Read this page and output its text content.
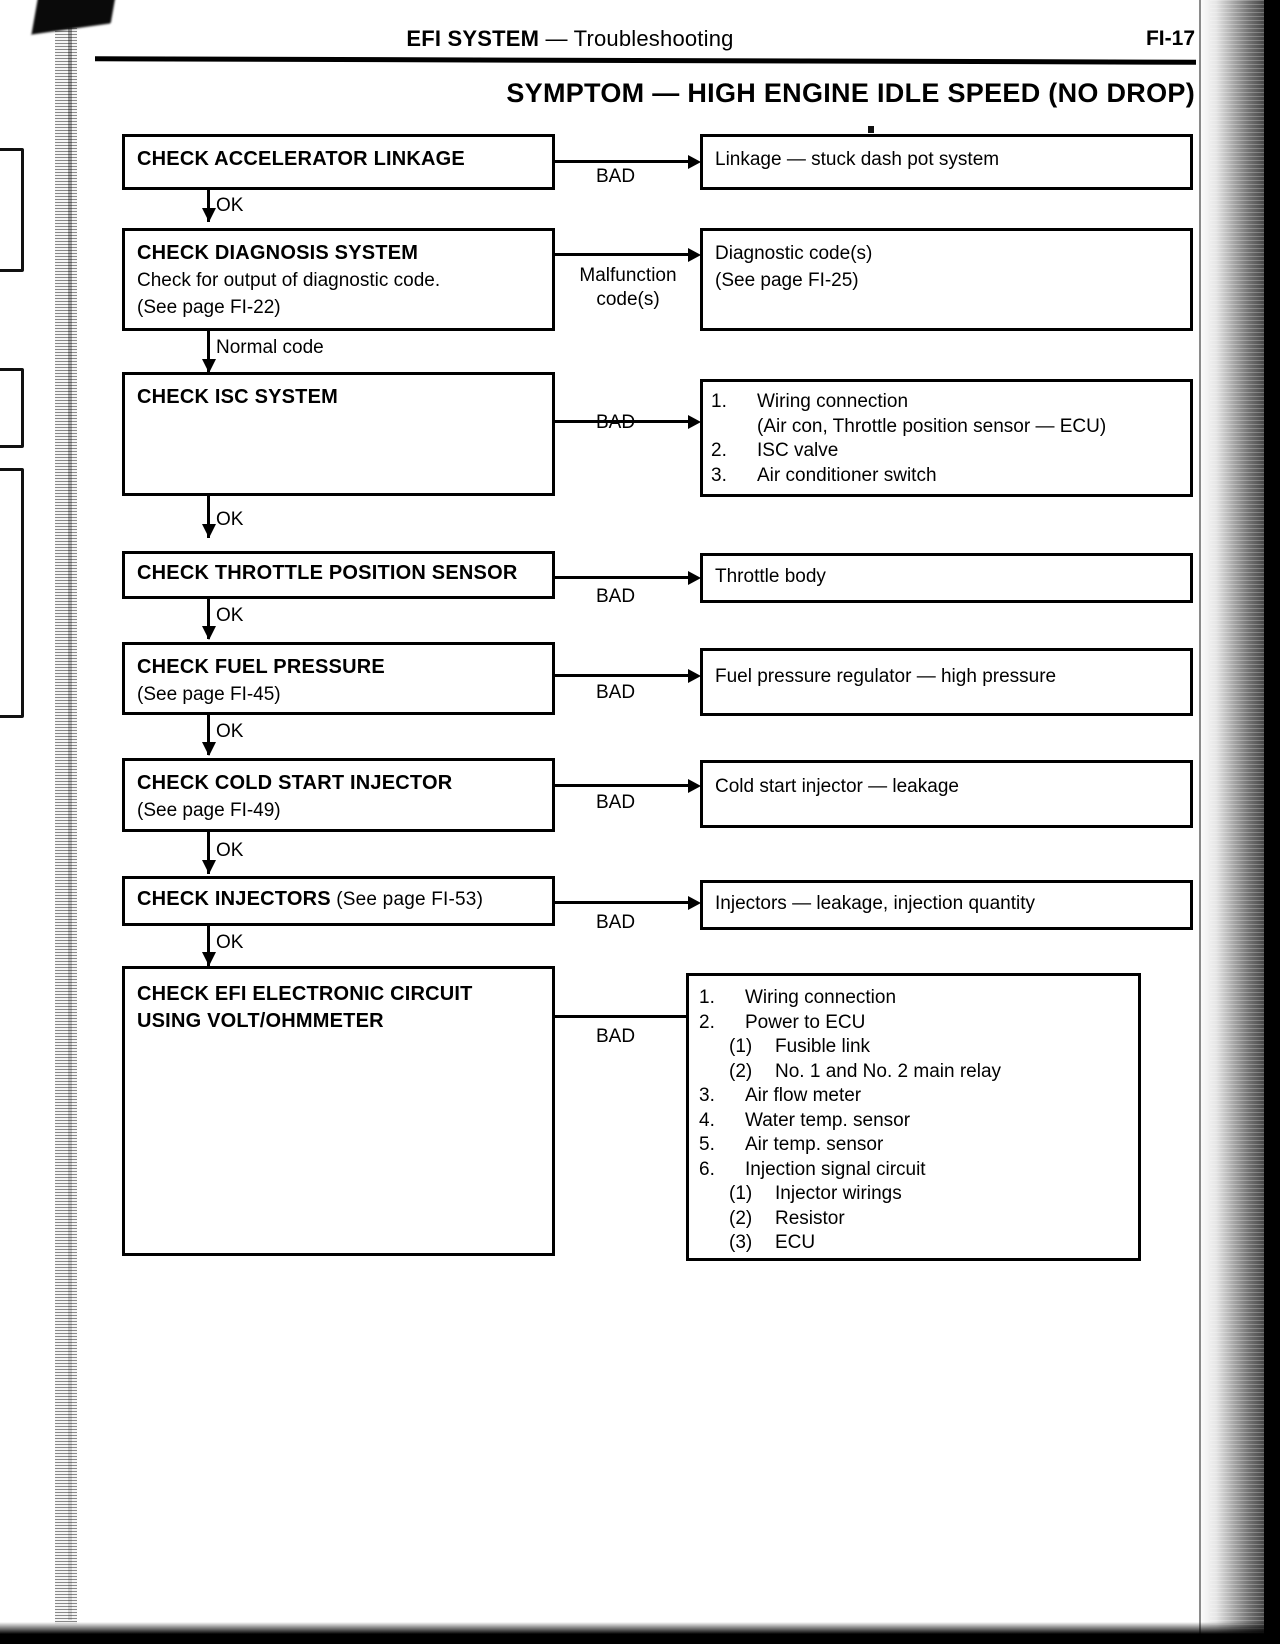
EFI SYSTEM — Troubleshooting	FI-17
SYMPTOM — HIGH ENGINE IDLE SPEED (NO DROP)
CHECK ACCELERATOR LINKAGE
BAD
Linkage — stuck dash pot system
OK
CHECK DIAGNOSIS SYSTEM
Check for output of diagnostic code.
(See page FI-22)
Malfunction
code(s)
Diagnostic code(s)
(See page FI-25)
Normal code
CHECK ISC SYSTEM
BAD
1. Wiring connection
(Air con, Throttle position sensor — ECU)
2. ISC valve
3. Air conditioner switch
OK
CHECK THROTTLE POSITION SENSOR
BAD
Throttle body
OK
CHECK FUEL PRESSURE
(See page FI-45)	BAD
Fuel pressure regulator — high pressure
OK
CHECK COLD START INJECTOR
(See page FI-49)	BAD
Cold start injector — leakage
OK
CHECK INJECTORS (See page FI-53)
BAD
Injectors — leakage, injection quantity
OK
CHECK EFI ELECTRONIC CIRCUIT
USING VOLT/OHMMETER
BAD
1. Wiring connection
2. Power to ECU
(1) Fusible link
(2) No. 1 and No. 2 main relay
3. Air flow meter
4. Water temp. sensor
5. Air temp. sensor
6. Injection signal circuit
(1) Injector wirings
(2) Resistor
(3) ECU
